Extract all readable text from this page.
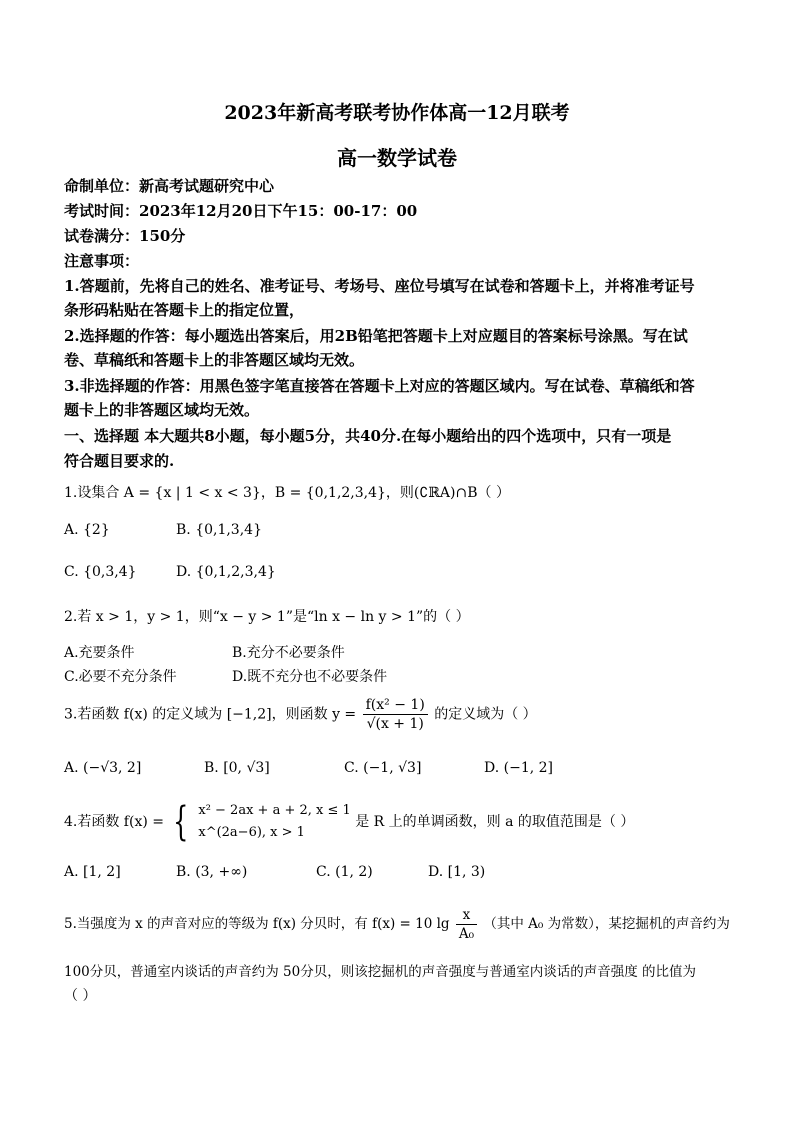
2023年新高考联考协作体高一12月联考
高一数学试卷
命制单位：新高考试题研究中心
考试时间：2023年12月20日下午15：00-17：00
试卷满分：150分
注意事项：
1.答题前，先将自己的姓名、准考证号、考场号、座位号填写在试卷和答题卡上，并将准考证号
条形码粘贴在答题卡上的指定位置，
2.选择题的作答：每小题选出答案后，用2B铅笔把答题卡上对应题目的答案标号涂黑。写在试
卷、草稿纸和答题卡上的非答题区域均无效。
3.非选择题的作答：用黑色签字笔直接答在答题卡上对应的答题区域内。写在试卷、草稿纸和答
题卡上的非答题区域均无效。
一、选择题 本大题共8小题，每小题5分，共40分.在每小题给出的四个选项中，只有一项是
符合题目要求的.
1.设集合 A = {x | 1 < x < 3}，B = {0,1,2,3,4}，则(∁ℝA)∩B（ ）
A. {2}	B. {0,1,3,4}
C. {0,3,4}	D. {0,1,2,3,4}
2.若 x > 1，y > 1，则“x − y > 1”是“ln x − ln y > 1”的（ ）
A.充要条件	B.充分不必要条件
C.必要不充分条件	D.既不充分也不必要条件
3.若函数 f(x) 的定义域为 [−1,2]，则函数 $y = \frac{\text{f(x² − 1)}}{√(x + 1)}$ 的定义域为（ ）
A. (−√3, 2]	B. [0, √3]	C. (−1, √3]	D. (−1, 2]
4.若函数 f(x) = { x² − 2ax + a + 2, x ≤ 1
x^(2a−6), x > 1
是 R 上的单调函数，则 a 的取值范围是（ ）
A. [1, 2]	B. (3, +∞)	C. (1, 2)	D. [1, 3)
5.当强度为 x 的声音对应的等级为 f(x) 分贝时，有 f(x) = 10 $\lg \frac{x}{\text{A₀}}$ （其中 A₀ 为常数），某挖掘机的声音约为
100分贝，普通室内谈话的声音约为 50分贝，则该挖掘机的声音强度与普通室内谈话的声音强度 的比值为
（ ）
